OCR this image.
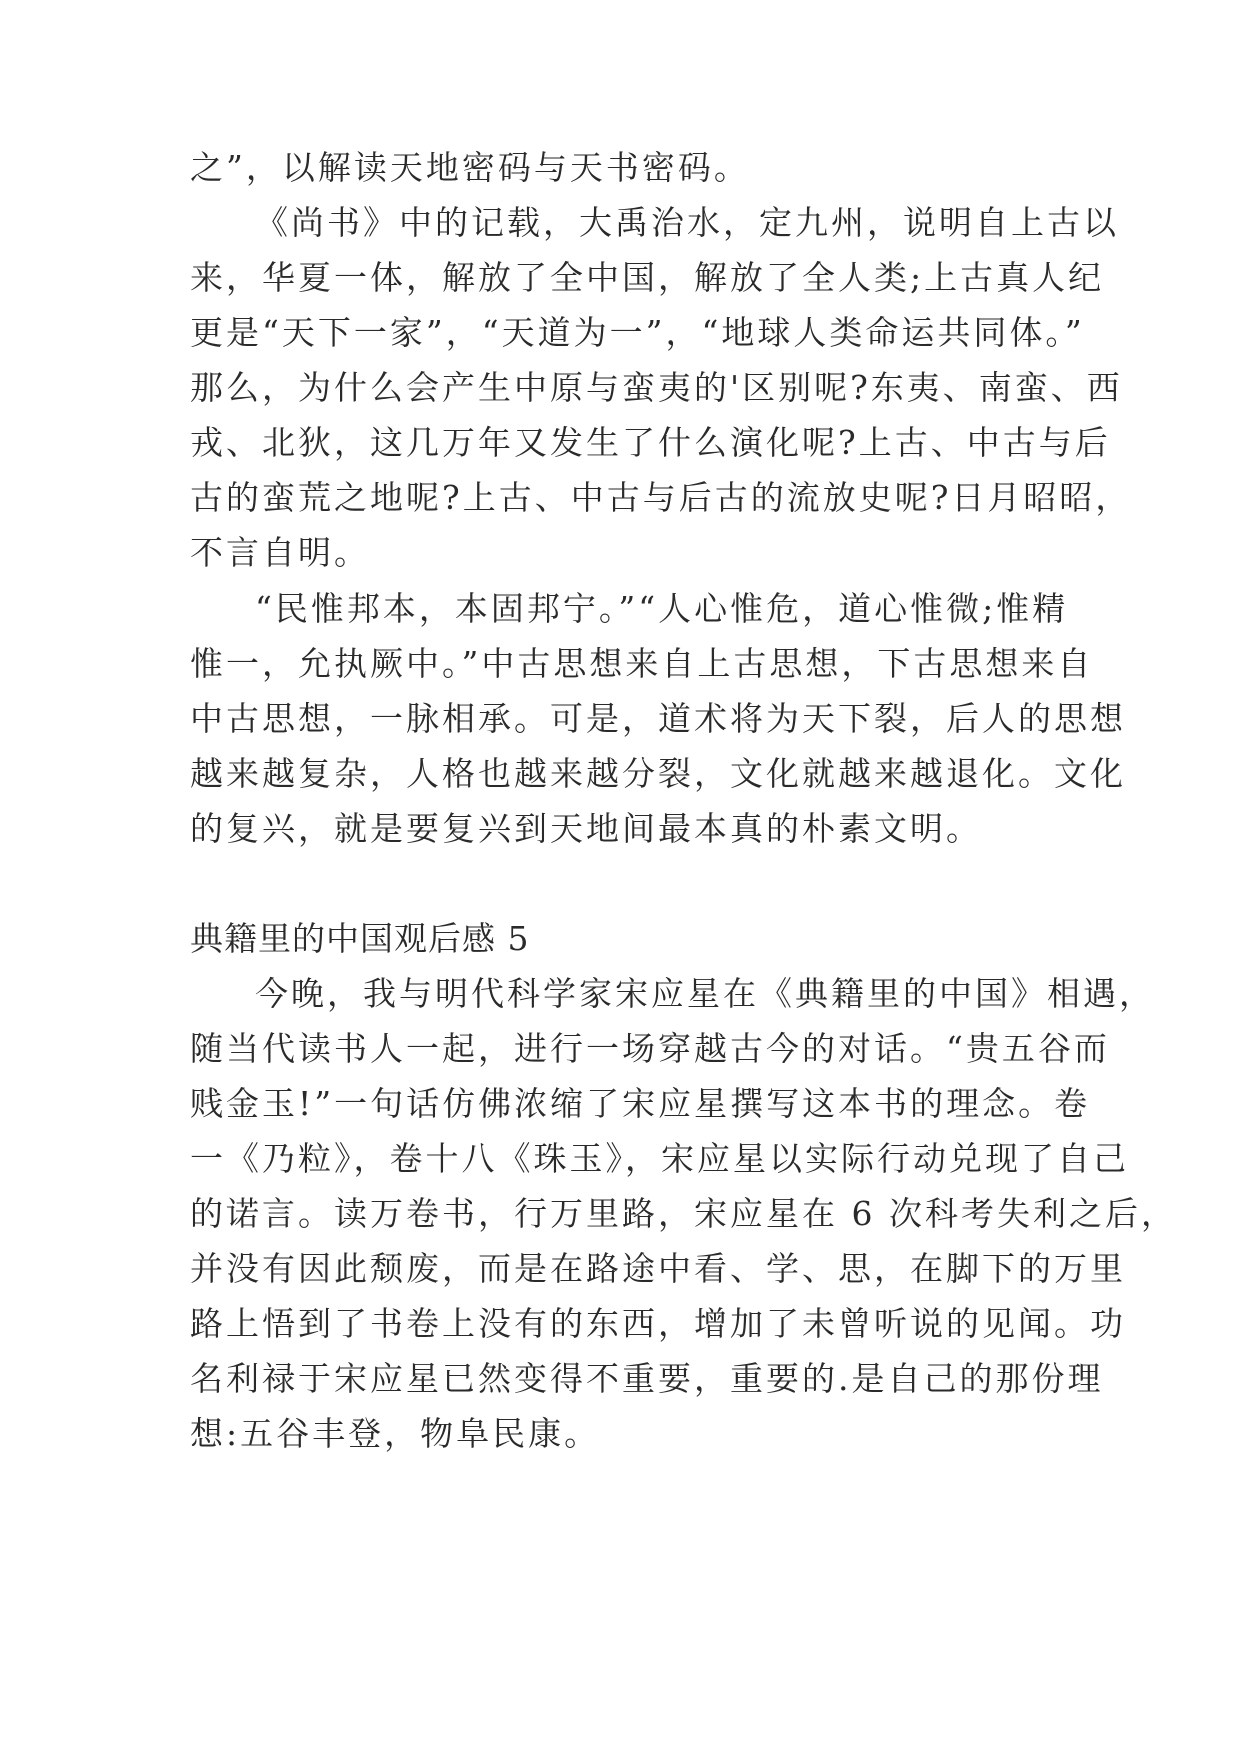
之”，以解读天地密码与天书密码。
《尚书》中的记载，大禹治水，定九州，说明自上古以
来，华夏一体，解放了全中国，解放了全人类;上古真人纪
更是“天下一家”，“天道为一”，“地球人类命运共同体。”
那么，为什么会产生中原与蛮夷的'区别呢?东夷、南蛮、西
戎、北狄，这几万年又发生了什么演化呢?上古、中古与后
古的蛮荒之地呢?上古、中古与后古的流放史呢?日月昭昭，
不言自明。
“民惟邦本，本固邦宁。”“人心惟危，道心惟微;惟精
惟一，允执厥中。”中古思想来自上古思想，下古思想来自
中古思想，一脉相承。可是，道术将为天下裂，后人的思想
越来越复杂，人格也越来越分裂，文化就越来越退化。文化
的复兴，就是要复兴到天地间最本真的朴素文明。
典籍里的中国观后感 5
今晚，我与明代科学家宋应星在《典籍里的中国》相遇，
随当代读书人一起，进行一场穿越古今的对话。“贵五谷而
贱金玉!”一句话仿佛浓缩了宋应星撰写这本书的理念。卷
一《乃粒》，卷十八《珠玉》，宋应星以实际行动兑现了自己
的诺言。读万卷书，行万里路，宋应星在 6 次科考失利之后，
并没有因此颓废，而是在路途中看、学、思，在脚下的万里
路上悟到了书卷上没有的东西，增加了未曾听说的见闻。功
名利禄于宋应星已然变得不重要，重要的.是自己的那份理
想:五谷丰登，物阜民康。
